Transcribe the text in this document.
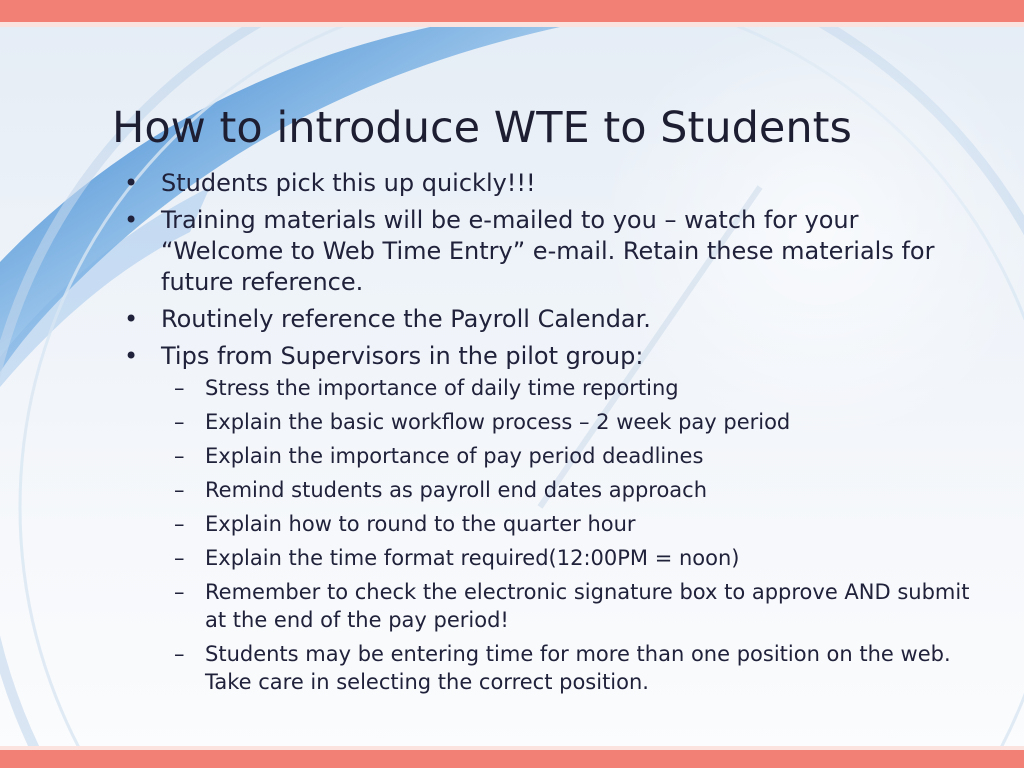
How to introduce WTE to Students
• Students pick this up quickly!!!
• Training materials will be e-mailed to you – watch for your “Welcome to Web Time Entry” e-mail. Retain these materials for future reference.
• Routinely reference the Payroll Calendar.
• Tips from Supervisors in the pilot group:
– Stress the importance of daily time reporting
– Explain the basic workflow process – 2 week pay period
– Explain the importance of pay period deadlines
– Remind students as payroll end dates approach
– Explain how to round to the quarter hour
– Explain the time format required(12:00PM = noon)
– Remember to check the electronic signature box to approve AND submit at the end of the pay period!
– Students may be entering time for more than one position on the web. Take care in selecting the correct position.
